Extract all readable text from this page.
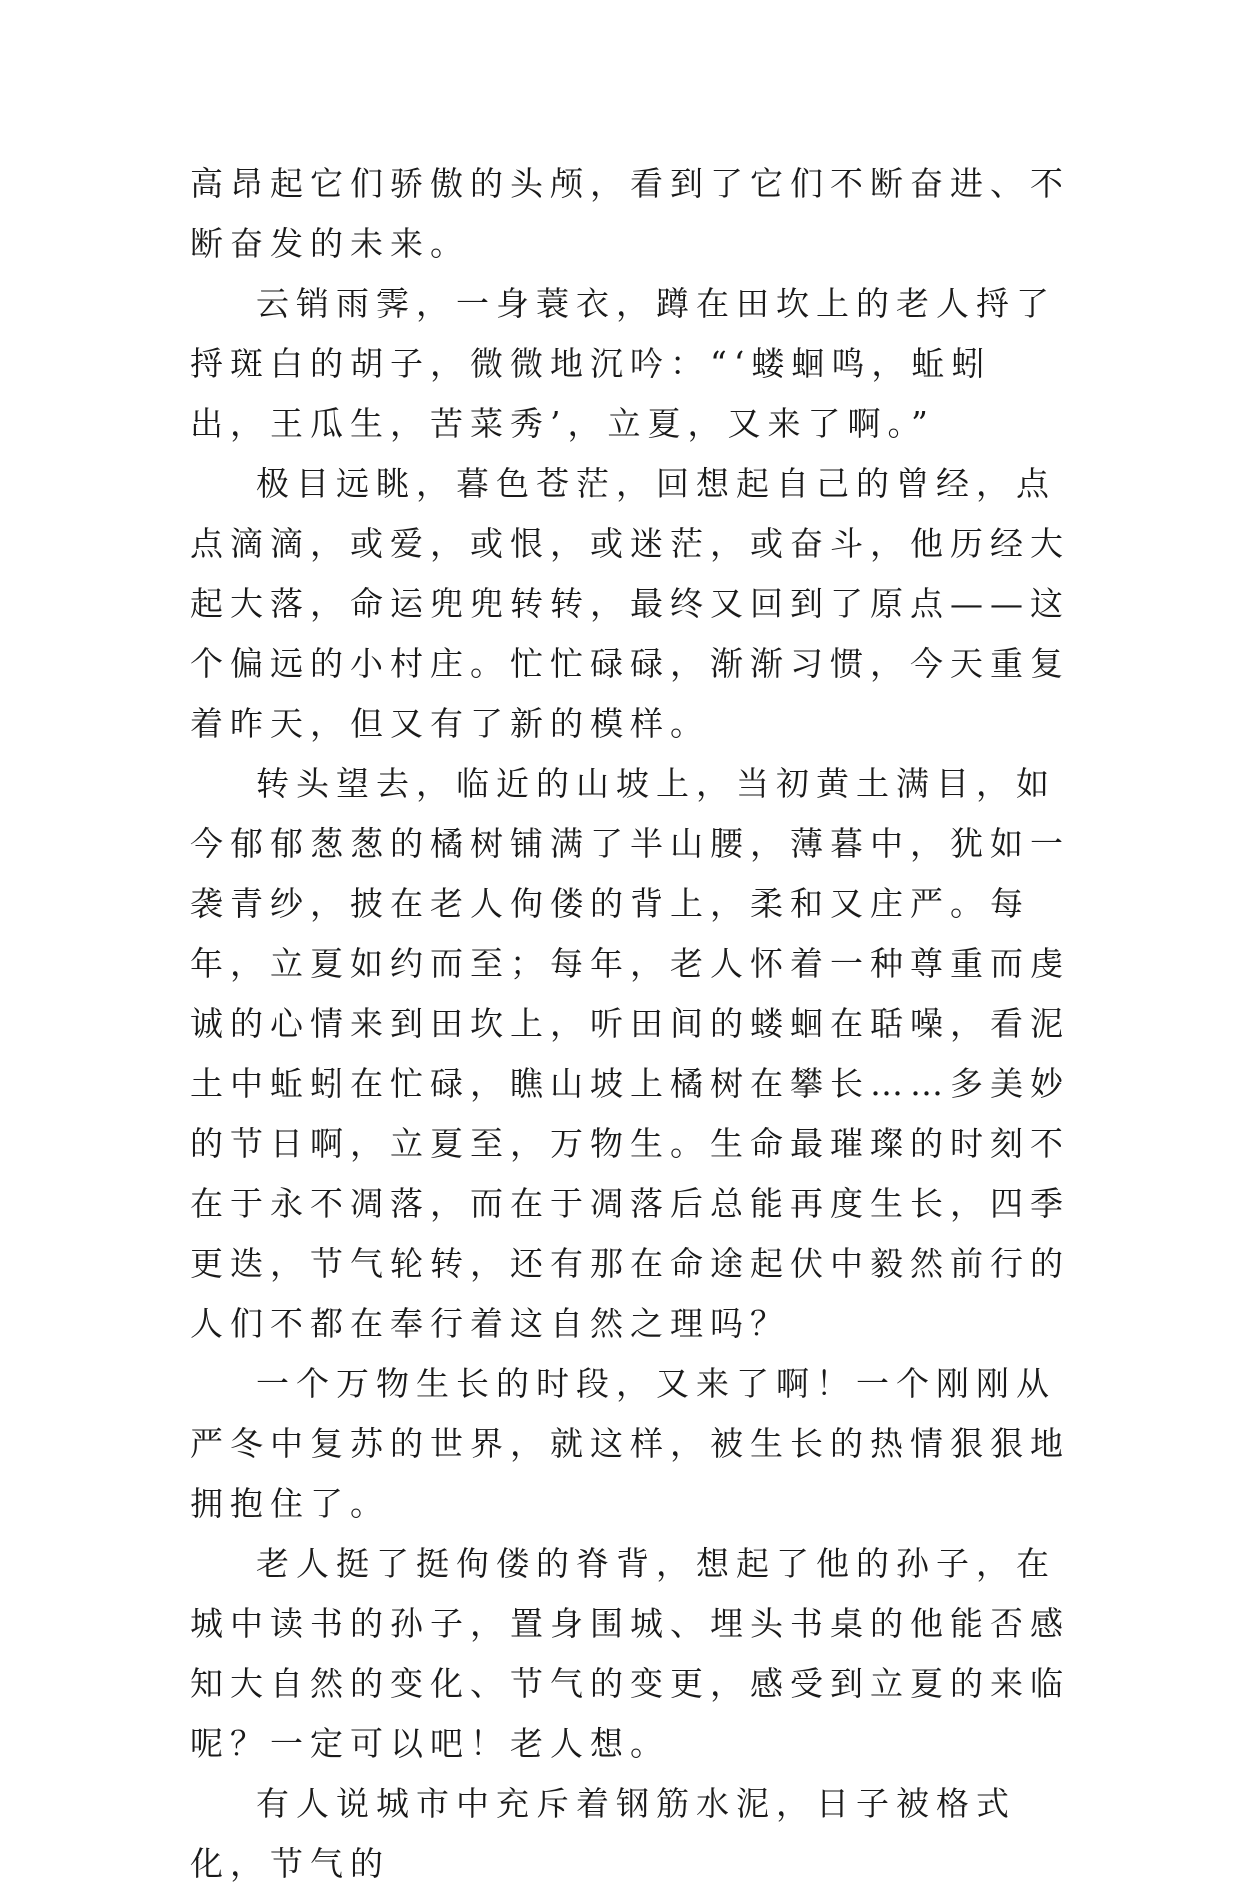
高昂起它们骄傲的头颅，看到了它们不断奋进、不断奋发的未来。

云销雨霁，一身蓑衣，蹲在田坎上的老人捋了捋斑白的胡子，微微地沉吟：“‘蝼蛔鸣，蚯蚓出，王瓜生，苦菜秀’，立夏，又来了啊。”

极目远眺，暮色苍茫，回想起自己的曾经，点点滴滴，或爱，或恨，或迷茫，或奋斗，他历经大起大落，命运兜兜转转，最终又回到了原点——这个偏远的小村庄。忙忙碌碌，渐渐习惯，今天重复着昨天，但又有了新的模样。

转头望去，临近的山坡上，当初黄土满目，如今郁郁葱葱的橘树铺满了半山腰，薄暮中，犹如一袭青纱，披在老人佝偻的背上，柔和又庄严。每年，立夏如约而至；每年，老人怀着一种尊重而虔诚的心情来到田坎上，听田间的蝼蛔在聒噪，看泥土中蚯蚓在忙碌，瞧山坡上橘树在攀长……多美妙的节日啊，立夏至，万物生。生命最璀璨的时刻不在于永不凋落，而在于凋落后总能再度生长，四季更迭，节气轮转，还有那在命途起伏中毅然前行的人们不都在奉行着这自然之理吗？

一个万物生长的时段，又来了啊！一个刚刚从严冬中复苏的世界，就这样，被生长的热情狠狠地拥抱住了。

老人挺了挺佝偻的脊背，想起了他的孙子，在城中读书的孙子，置身围城、埋头书桌的他能否感知大自然的变化、节气的变更，感受到立夏的来临呢？一定可以吧！老人想。

有人说城市中充斥着钢筋水泥，日子被格式化，节气的
